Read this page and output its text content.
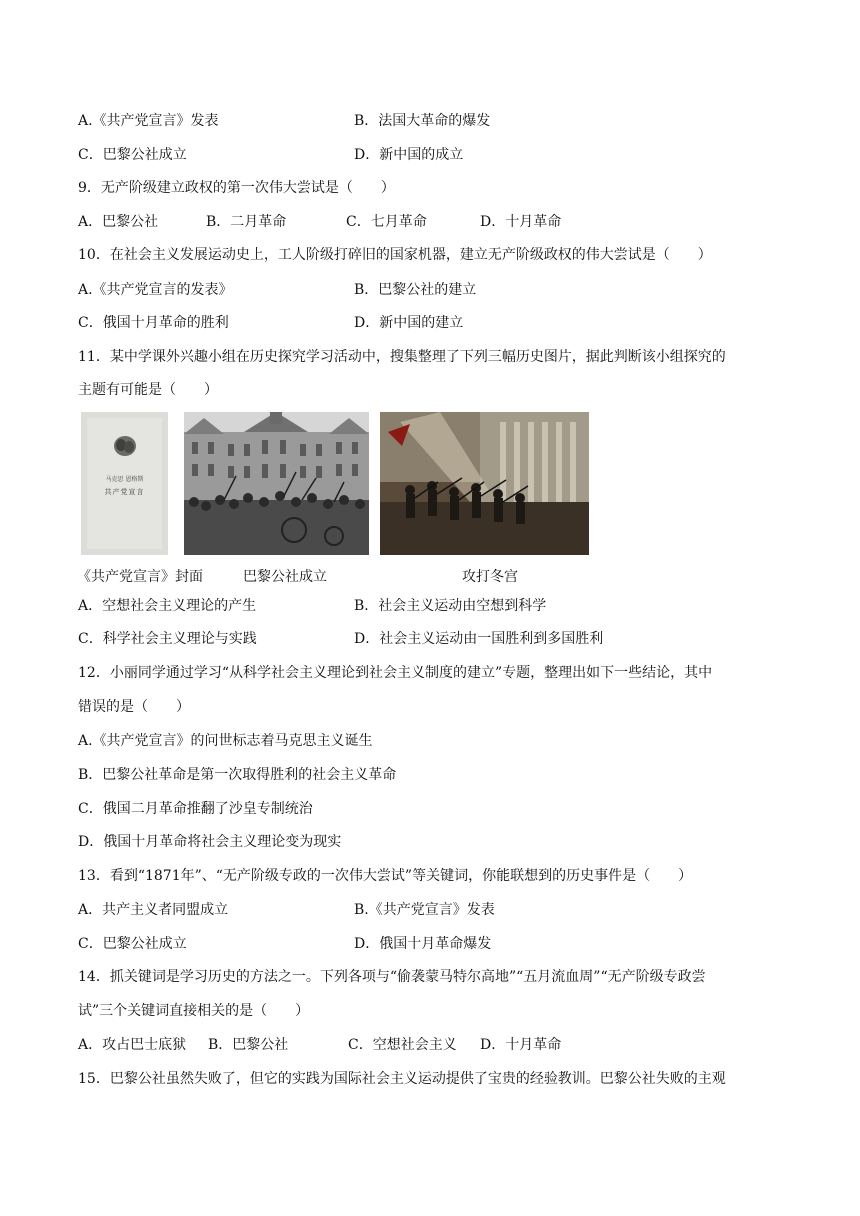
A.《共产党宣言》发表	B．法国大革命的爆发
C．巴黎公社成立	D．新中国的成立
9．无产阶级建立政权的第一次伟大尝试是（　　）
A．巴黎公社	B．二月革命	C．七月革命	D．十月革命
10．在社会主义发展运动史上，工人阶级打碎旧的国家机器，建立无产阶级政权的伟大尝试是（　　）
A.《共产党宣言的发表》	B．巴黎公社的建立
C．俄国十月革命的胜利	D．新中国的建立
11．某中学课外兴趣小组在历史探究学习活动中，搜集整理了下列三幅历史图片，据此判断该小组探究的
主题有可能是（　　）
马克思 恩格斯
共产党宣言
《共产党宣言》封面	巴黎公社成立	攻打冬宫
A．空想社会主义理论的产生	B．社会主义运动由空想到科学
C．科学社会主义理论与实践	D．社会主义运动由一国胜利到多国胜利
12．小丽同学通过学习“从科学社会主义理论到社会主义制度的建立”专题，整理出如下一些结论，其中
错误的是（　　）
A.《共产党宣言》的问世标志着马克思主义诞生
B．巴黎公社革命是第一次取得胜利的社会主义革命
C．俄国二月革命推翻了沙皇专制统治
D．俄国十月革命将社会主义理论变为现实
13．看到“1871年”、“无产阶级专政的一次伟大尝试”等关键词，你能联想到的历史事件是（　　）
A．共产主义者同盟成立	B.《共产党宣言》发表
C．巴黎公社成立	D．俄国十月革命爆发
14．抓关键词是学习历史的方法之一。下列各项与“偷袭蒙马特尔高地”“五月流血周”“无产阶级专政尝
试”三个关键词直接相关的是（　　）
A．攻占巴士底狱 B．巴黎公社	C．空想社会主义 D．十月革命
15．巴黎公社虽然失败了，但它的实践为国际社会主义运动提供了宝贵的经验教训。巴黎公社失败的主观
